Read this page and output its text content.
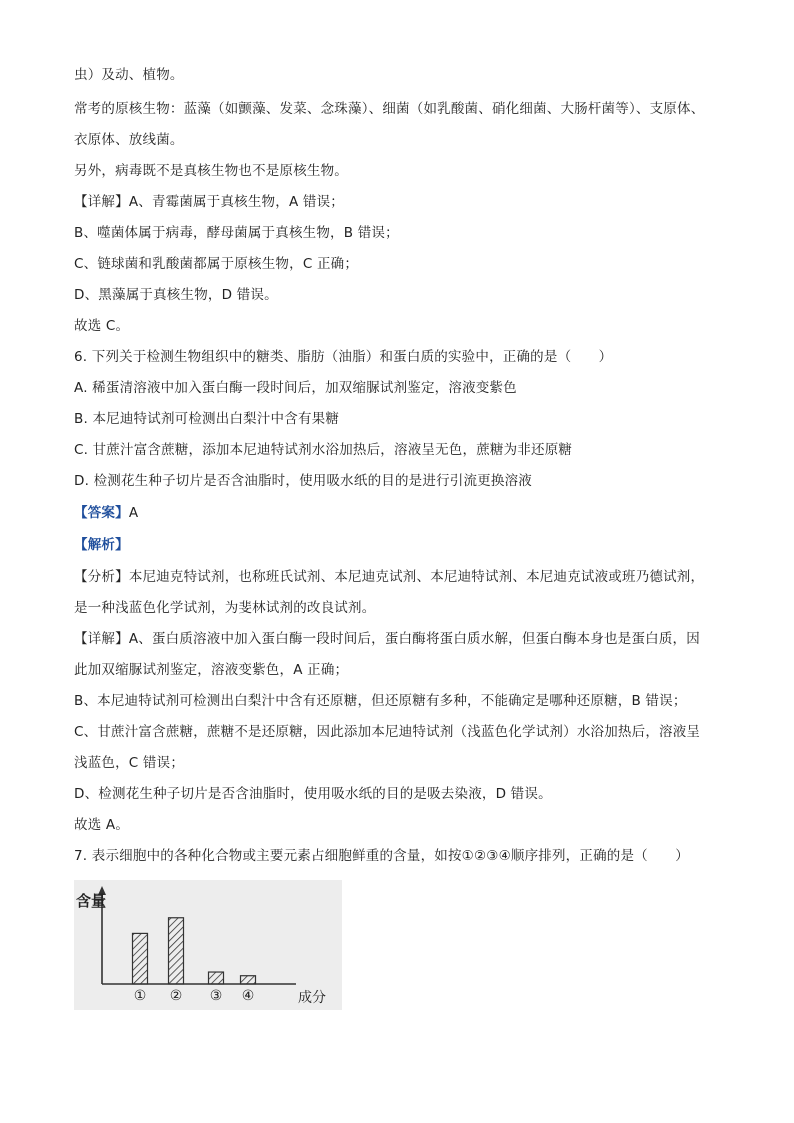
虫）及动、植物。
常考的原核生物：蓝藻（如颤藻、发菜、念珠藻）、细菌（如乳酸菌、硝化细菌、大肠杆菌等）、支原体、
衣原体、放线菌。
另外，病毒既不是真核生物也不是原核生物。
【详解】A、青霉菌属于真核生物，A 错误；
B、噬菌体属于病毒，酵母菌属于真核生物，B 错误；
C、链球菌和乳酸菌都属于原核生物，C 正确；
D、黑藻属于真核生物，D 错误。
故选 C。
6. 下列关于检测生物组织中的糖类、脂肪（油脂）和蛋白质的实验中，正确的是（　　）
A. 稀蛋清溶液中加入蛋白酶一段时间后，加双缩脲试剂鉴定，溶液变紫色
B. 本尼迪特试剂可检测出白梨汁中含有果糖
C. 甘蔗汁富含蔗糖，添加本尼迪特试剂水浴加热后，溶液呈无色，蔗糖为非还原糖
D. 检测花生种子切片是否含油脂时，使用吸水纸的目的是进行引流更换溶液
【答案】A
【解析】
【分析】本尼迪克特试剂，也称班氏试剂、本尼迪克试剂、本尼迪特试剂、本尼迪克试液或班乃德试剂，
是一种浅蓝色化学试剂，为斐林试剂的改良试剂。
【详解】A、蛋白质溶液中加入蛋白酶一段时间后，蛋白酶将蛋白质水解，但蛋白酶本身也是蛋白质，因
此加双缩脲试剂鉴定，溶液变紫色，A 正确；
B、本尼迪特试剂可检测出白梨汁中含有还原糖，但还原糖有多种，不能确定是哪种还原糖，B 错误；
C、甘蔗汁富含蔗糖，蔗糖不是还原糖，因此添加本尼迪特试剂（浅蓝色化学试剂）水浴加热后，溶液呈
浅蓝色，C 错误；
D、检测花生种子切片是否含油脂时，使用吸水纸的目的是吸去染液，D 错误。
故选 A。
7. 表示细胞中的各种化合物或主要元素占细胞鲜重的含量，如按①②③④顺序排列，正确的是（　　）
含量
成分
① ② ③ ④
